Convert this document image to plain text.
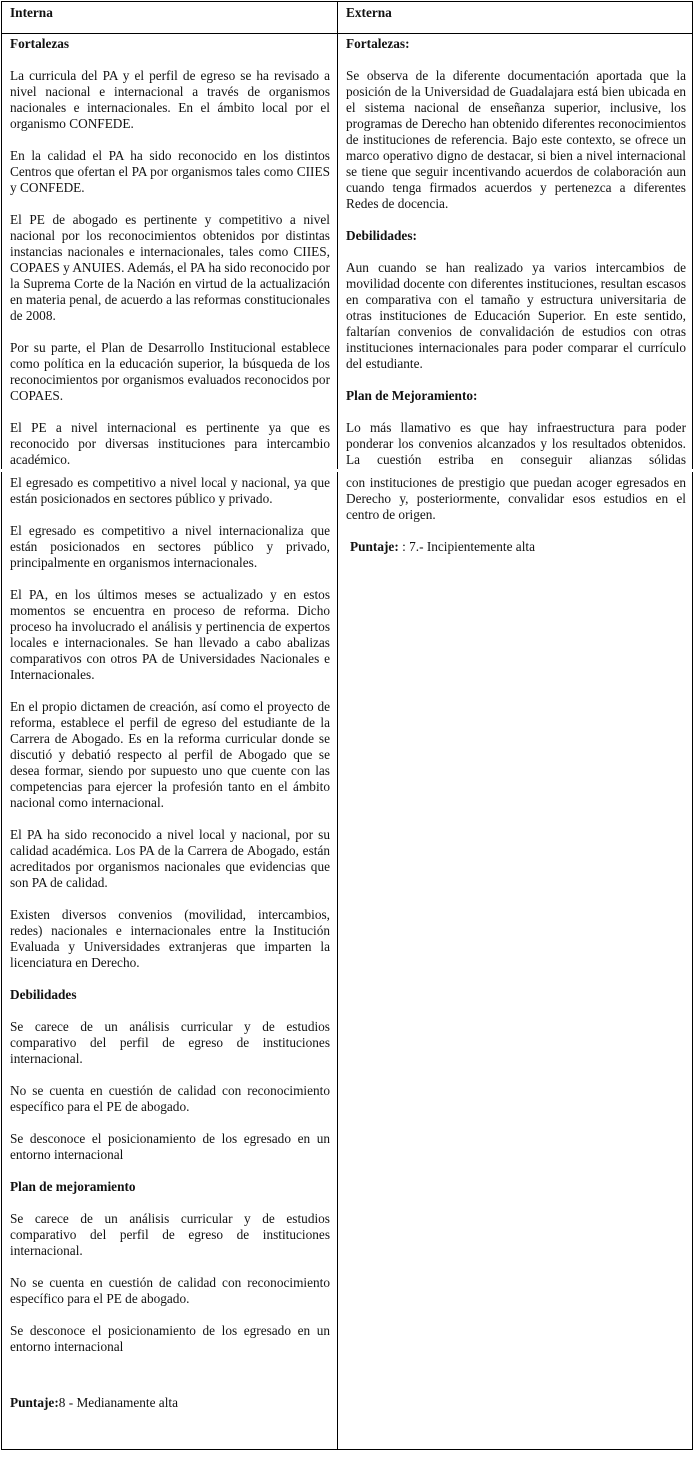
Interna	Externa
Fortalezas

La curricula del PA y el perfil de egreso se ha revisado a nivel nacional e internacional a través de organismos nacionales e internacionales. En el ámbito local por el organismo CONFEDE.

En la calidad el PA ha sido reconocido en los distintos Centros que ofertan el PA por organismos tales como CIIES y CONFEDE.

El PE de abogado es pertinente y competitivo a nivel nacional por los reconocimientos obtenidos por distintas instancias nacionales e internacionales, tales como CIIES, COPAES y ANUIES. Además, el PA ha sido reconocido por la Suprema Corte de la Nación en virtud de la actualización en materia penal, de acuerdo a las reformas constitucionales de 2008.

Por su parte, el Plan de Desarrollo Institucional establece como política en la educación superior, la búsqueda de los reconocimientos por organismos evaluados reconocidos por COPAES.

El PE a nivel internacional es pertinente ya que es reconocido por diversas instituciones para intercambio académico.

El egresado es competitivo a nivel local y nacional, ya que están posicionados en sectores público y privado.

El egresado es competitivo a nivel internacionaliza que están posicionados en sectores público y privado, principalmente en organismos internacionales.

El PA, en los últimos meses se actualizado y en estos momentos se encuentra en proceso de reforma. Dicho proceso ha involucrado el análisis y pertinencia de expertos locales e internacionales. Se han llevado a cabo abalizas comparativos con otros PA de Universidades Nacionales e Internacionales.

En el propio dictamen de creación, así como el proyecto de reforma, establece el perfil de egreso del estudiante de la Carrera de Abogado. Es en la reforma curricular donde se discutió y debatió respecto al perfil de Abogado que se desea formar, siendo por supuesto uno que cuente con las competencias para ejercer la profesión tanto en el ámbito nacional como internacional.

El PA ha sido reconocido a nivel local y nacional, por su calidad académica. Los PA de la Carrera de Abogado, están acreditados por organismos nacionales que evidencias que son PA de calidad.

Existen diversos convenios (movilidad, intercambios, redes) nacionales e internacionales entre la Institución Evaluada y Universidades extranjeras que imparten la licenciatura en Derecho.

Debilidades

Se carece de un análisis curricular y de estudios comparativo del perfil de egreso de instituciones internacional.

No se cuenta en cuestión de calidad con reconocimiento específico para el PE de abogado.

Se desconoce el posicionamiento de los egresado en un entorno internacional

Plan de mejoramiento

Se carece de un análisis curricular y de estudios comparativo del perfil de egreso de instituciones internacional.

No se cuenta en cuestión de calidad con reconocimiento específico para el PE de abogado.

Se desconoce el posicionamiento de los egresado en un entorno internacional

Puntaje:8 - Medianamente alta
Fortalezas:

Se observa de la diferente documentación aportada que la posición de la Universidad de Guadalajara está bien ubicada en el sistema nacional de enseñanza superior, inclusive, los programas de Derecho han obtenido diferentes reconocimientos de instituciones de referencia. Bajo este contexto, se ofrece un marco operativo digno de destacar, si bien a nivel internacional se tiene que seguir incentivando acuerdos de colaboración aun cuando tenga firmados acuerdos y pertenezca a diferentes Redes de docencia.

Debilidades:

Aun cuando se han realizado ya varios intercambios de movilidad docente con diferentes instituciones, resultan escasos en comparativa con el tamaño y estructura universitaria de otras instituciones de Educación Superior. En este sentido, faltarían convenios de convalidación de estudios con otras instituciones internacionales para poder comparar el currículo del estudiante.

Plan de Mejoramiento:

Lo más llamativo es que hay infraestructura para poder ponderar los convenios alcanzados y los resultados obtenidos. La cuestión estriba en conseguir alianzas sólidas

con instituciones de prestigio que puedan acoger egresados en Derecho y, posteriormente, convalidar esos estudios en el centro de origen.

Puntaje: : 7.- Incipientemente alta
